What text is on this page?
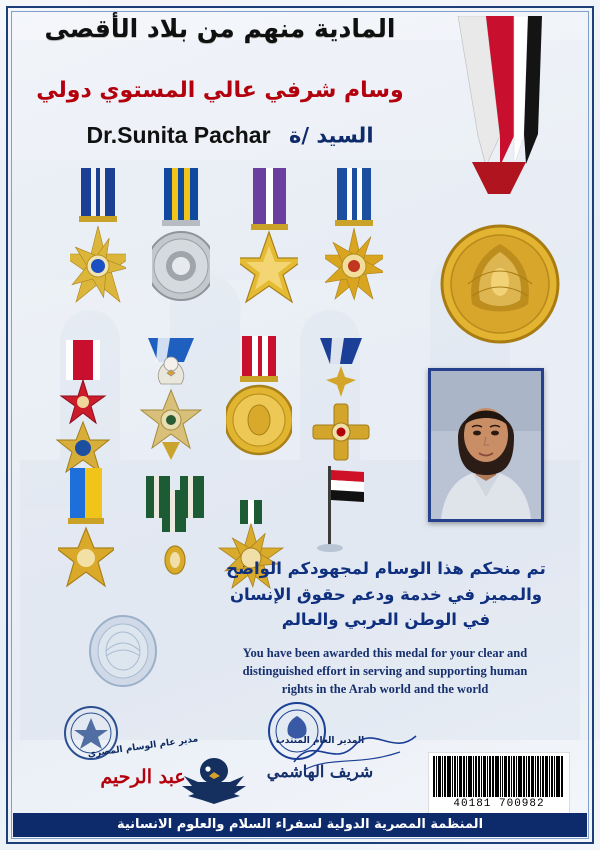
المادية منهم من بلاد الأقصى
وسام شرفي عالي المستوي دولي
السيد /ة Dr.Sunita Pachar
تم منحكم هذا الوسام لمجهودكم الواضح
والمميز في خدمة ودعم حقوق الإنسان
في الوطن العربي والعالم
You have been awarded this medal for your clear and
distinguished effort in serving and supporting human
rights in the Arab world and the world
مدير عام الوسام المصري
عبد الرحيم
المدير العام المنتدب
شريف الهاشمي
40181 700982
المنظمة المصرية الدولية لسفراء السلام والعلوم الانسانية
